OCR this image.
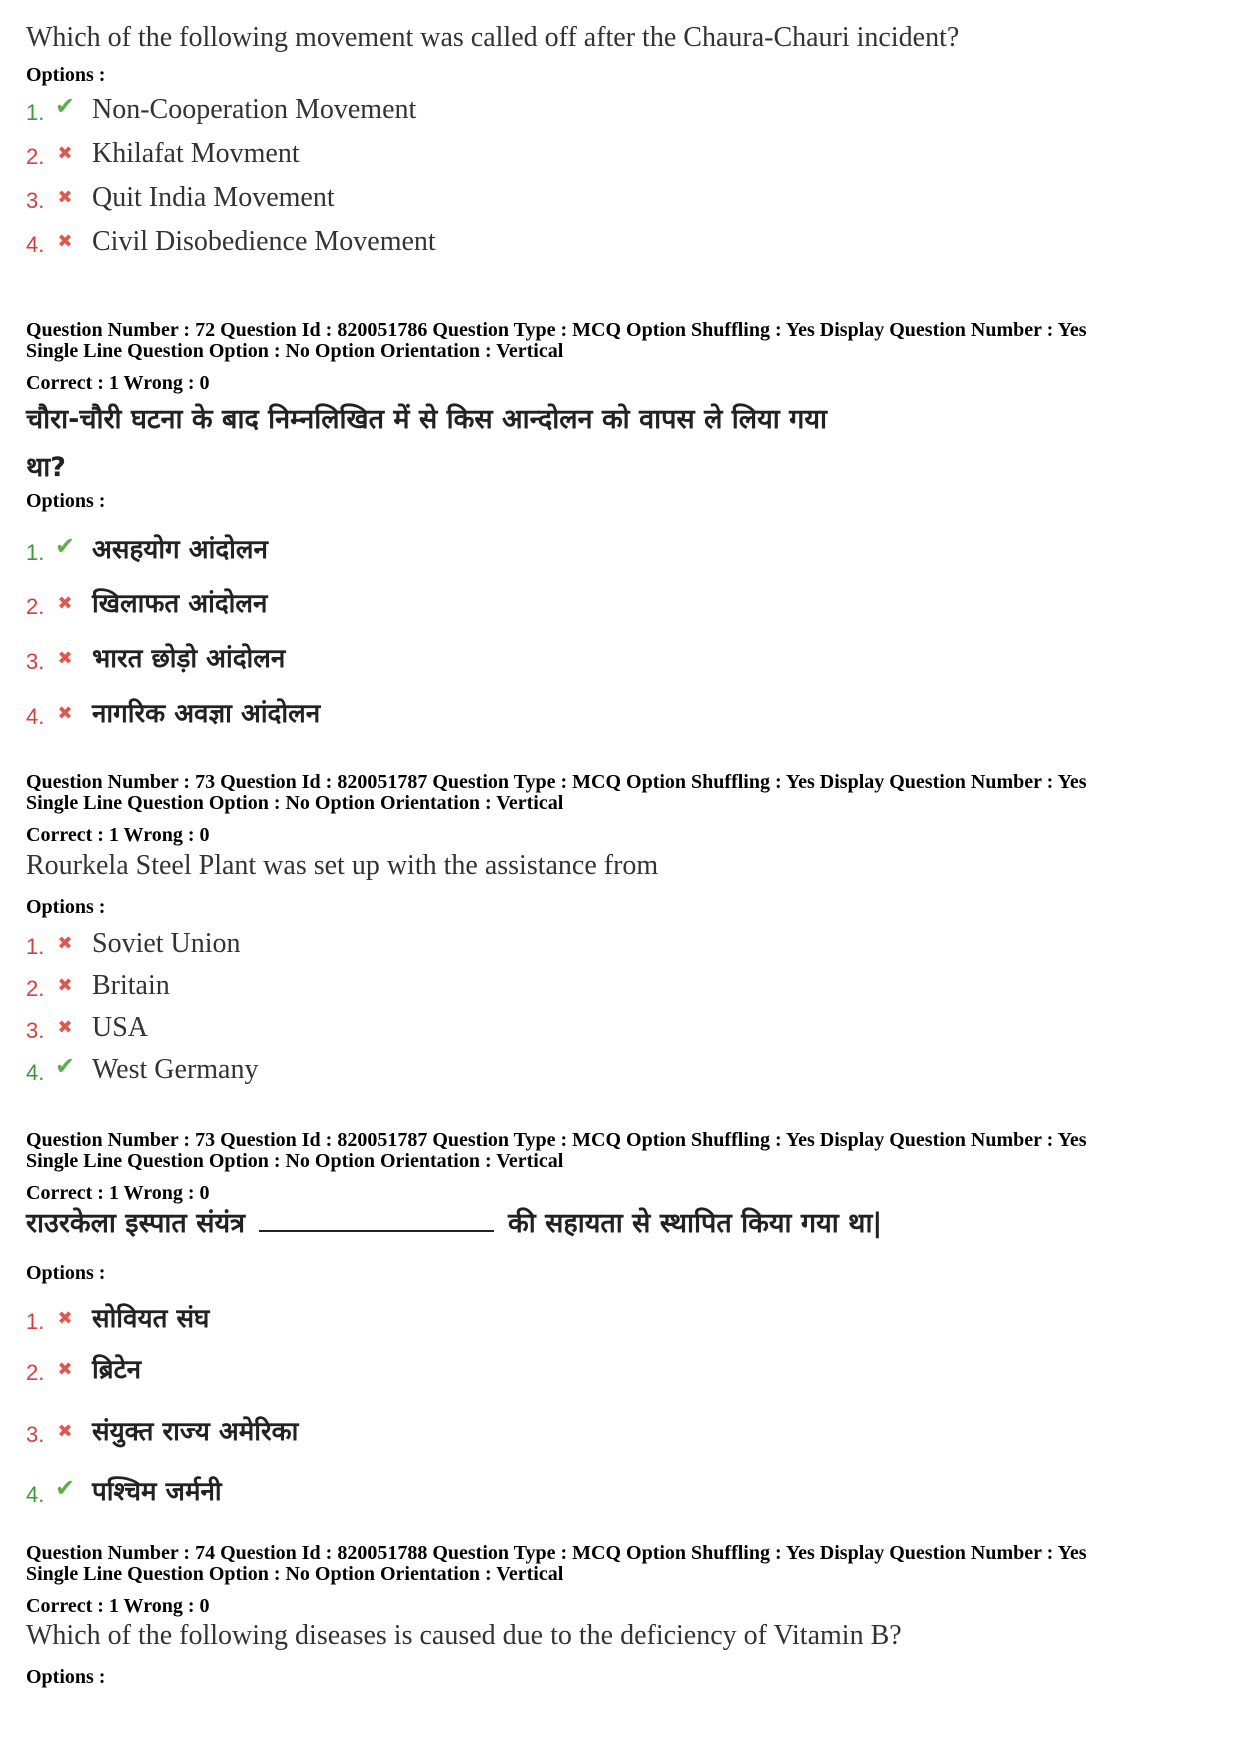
Which of the following movement was called off after the Chaura-Chauri incident?
Options :
1. ✔ Non-Cooperation Movement
2. ✖ Khilafat Movment
3. ✖ Quit India Movement
4. ✖ Civil Disobedience Movement
Question Number : 72 Question Id : 820051786 Question Type : MCQ Option Shuffling : Yes Display Question Number : Yes
Single Line Question Option : No Option Orientation : Vertical
Correct : 1 Wrong : 0
चौरा-चौरी घटना के बाद निम्नलिखित में से किस आन्दोलन को वापस ले लिया गया
था?
Options :
1. ✔ असहयोग आंदोलन
2. ✖ खिलाफत आंदोलन
3. ✖ भारत छोड़ो आंदोलन
4. ✖ नागरिक अवज्ञा आंदोलन
Question Number : 73 Question Id : 820051787 Question Type : MCQ Option Shuffling : Yes Display Question Number : Yes
Single Line Question Option : No Option Orientation : Vertical
Correct : 1 Wrong : 0
Rourkela Steel Plant was set up with the assistance from
Options :
1. ✖ Soviet Union
2. ✖ Britain
3. ✖ USA
4. ✔ West Germany
Question Number : 73 Question Id : 820051787 Question Type : MCQ Option Shuffling : Yes Display Question Number : Yes
Single Line Question Option : No Option Orientation : Vertical
Correct : 1 Wrong : 0
राउरकेला इस्पात संयंत्र	की सहायता से स्थापित किया गया था|
Options :
1. ✖ सोवियत संघ
2. ✖ ब्रिटेन
3. ✖ संयुक्त राज्य अमेरिका
4. ✔ पश्चिम जर्मनी
Question Number : 74 Question Id : 820051788 Question Type : MCQ Option Shuffling : Yes Display Question Number : Yes
Single Line Question Option : No Option Orientation : Vertical
Correct : 1 Wrong : 0
Which of the following diseases is caused due to the deficiency of Vitamin B?
Options :
